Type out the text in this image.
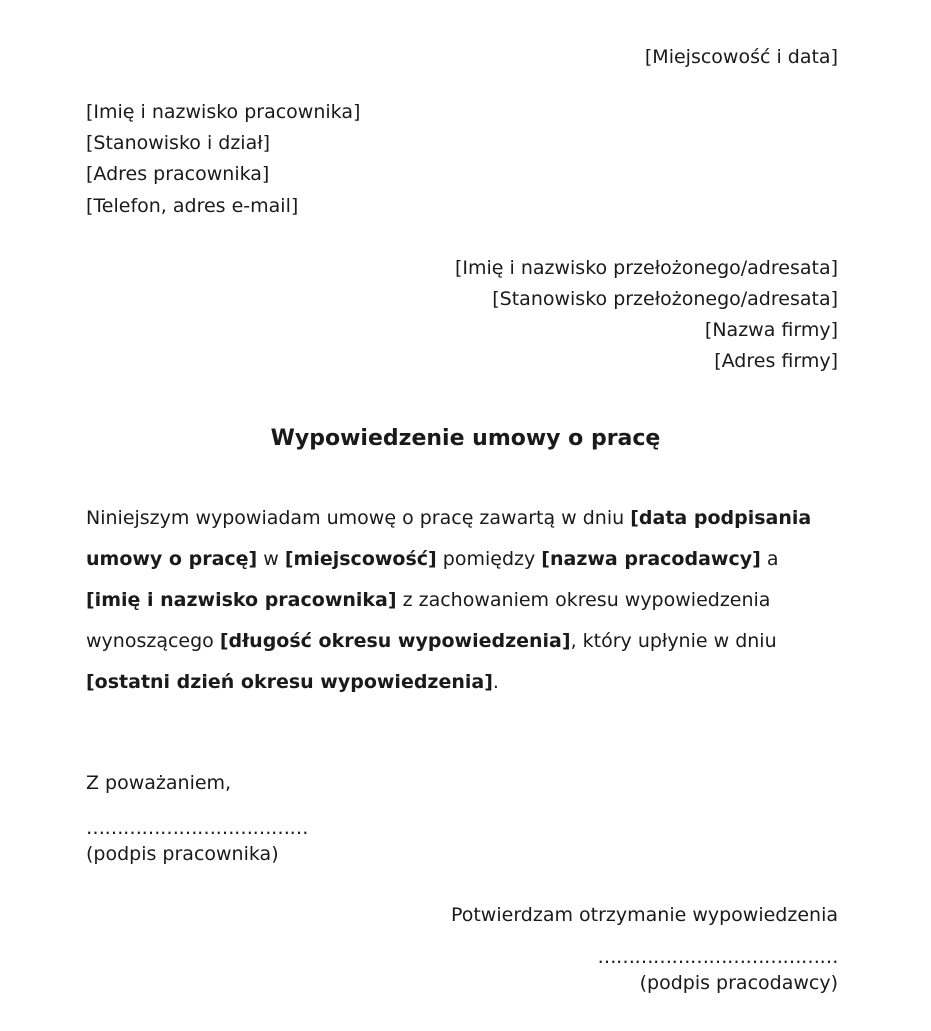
[Miejscowość i data]
[Imię i nazwisko pracownika]
[Stanowisko i dział]
[Adres pracownika]
[Telefon, adres e-mail]
[Imię i nazwisko przełożonego/adresata]
[Stanowisko przełożonego/adresata]
[Nazwa firmy]
[Adres firmy]
Wypowiedzenie umowy o pracę
Niniejszym wypowiadam umowę o pracę zawartą w dniu [data podpisania umowy o pracę] w [miejscowość] pomiędzy [nazwa pracodawcy] a [imię i nazwisko pracownika] z zachowaniem okresu wypowiedzenia wynoszącego [długość okresu wypowiedzenia], który upłynie w dniu [ostatni dzień okresu wypowiedzenia].
Z poważaniem,
………………………………
(podpis pracownika)
Potwierdzam otrzymanie wypowiedzenia
…………………………………
(podpis pracodawcy)
